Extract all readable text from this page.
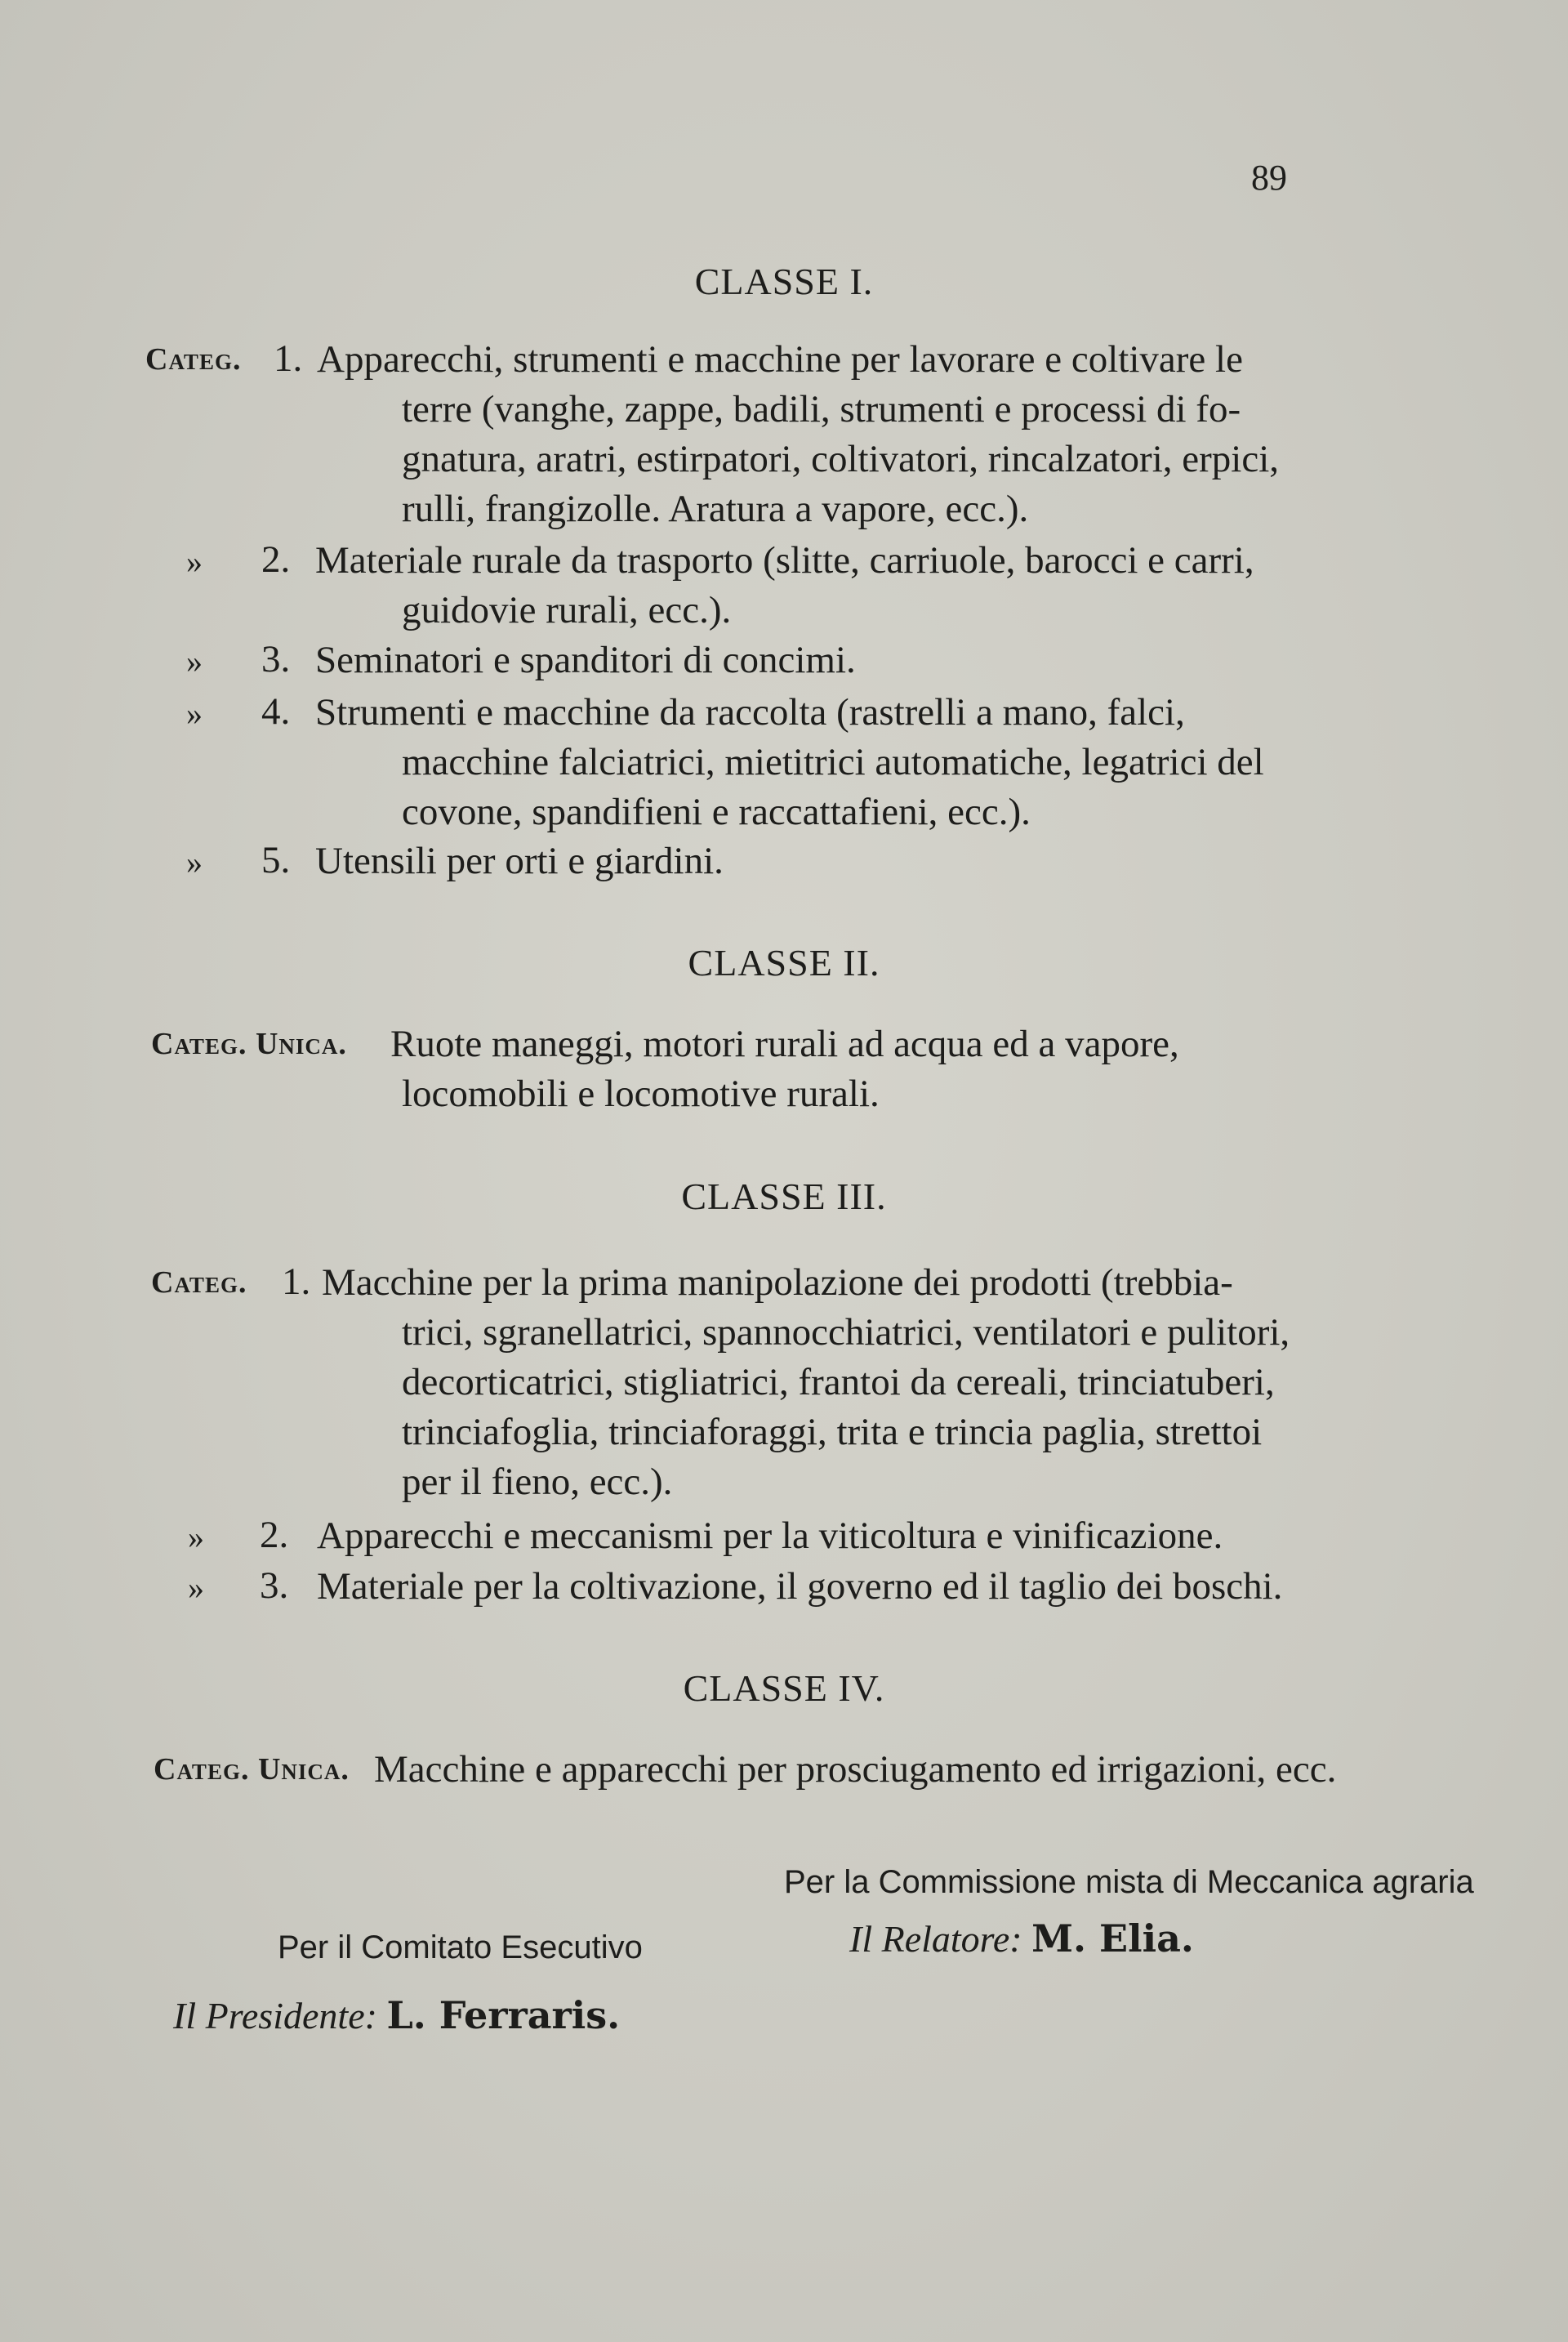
89
CLASSE I.
Categ. 1. Apparecchi, strumenti e macchine per lavorare e coltivare le
terre (vanghe, zappe, badili, strumenti e processi di fo-
gnatura, aratri, estirpatori, coltivatori, rincalzatori, erpici,
rulli, frangizolle. Aratura a vapore, ecc.).
» 2. Materiale rurale da trasporto (slitte, carriuole, barocci e carri,
guidovie rurali, ecc.).
» 3. Seminatori e spanditori di concimi.
» 4. Strumenti e macchine da raccolta (rastrelli a mano, falci,
macchine falciatrici, mietitrici automatiche, legatrici del
covone, spandifieni e raccattafieni, ecc.).
» 5. Utensili per orti e giardini.
CLASSE II.
Categ. Unica. Ruote maneggi, motori rurali ad acqua ed a vapore,
locomobili e locomotive rurali.
CLASSE III.
Categ. 1. Macchine per la prima manipolazione dei prodotti (trebbia-
trici, sgranellatrici, spannocchiatrici, ventilatori e pulitori,
decorticatrici, stigliatrici, frantoi da cereali, trinciatuberi,
trinciafoglia, trinciaforaggi, trita e trincia paglia, strettoi
per il fieno, ecc.).
» 2. Apparecchi e meccanismi per la viticoltura e vinificazione.
» 3. Materiale per la coltivazione, il governo ed il taglio dei boschi.
CLASSE IV.
Categ. Unica. Macchine e apparecchi per prosciugamento ed irrigazioni, ecc.
Per la Commissione mista di Meccanica agraria
Il Relatore: M. Elia.
Per il Comitato Esecutivo
Il Presidente: L. Ferraris.
